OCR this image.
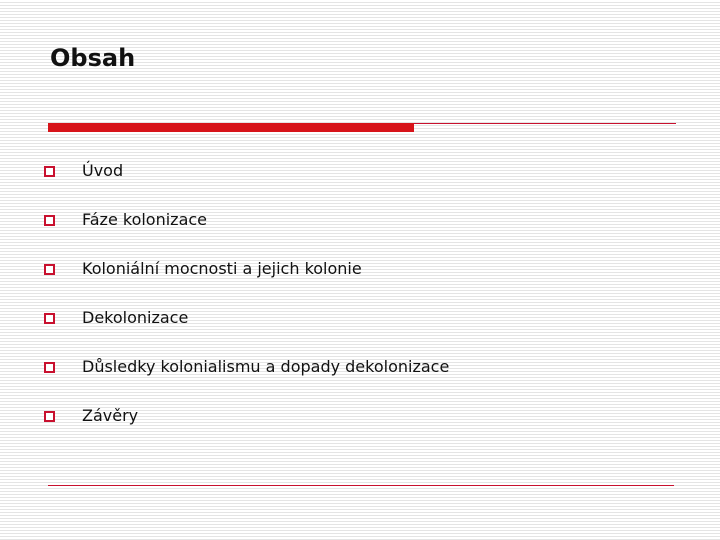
Obsah
Úvod
Fáze kolonizace
Koloniální mocnosti a jejich kolonie
Dekolonizace
Důsledky kolonialismu a dopady dekolonizace
Závěry
